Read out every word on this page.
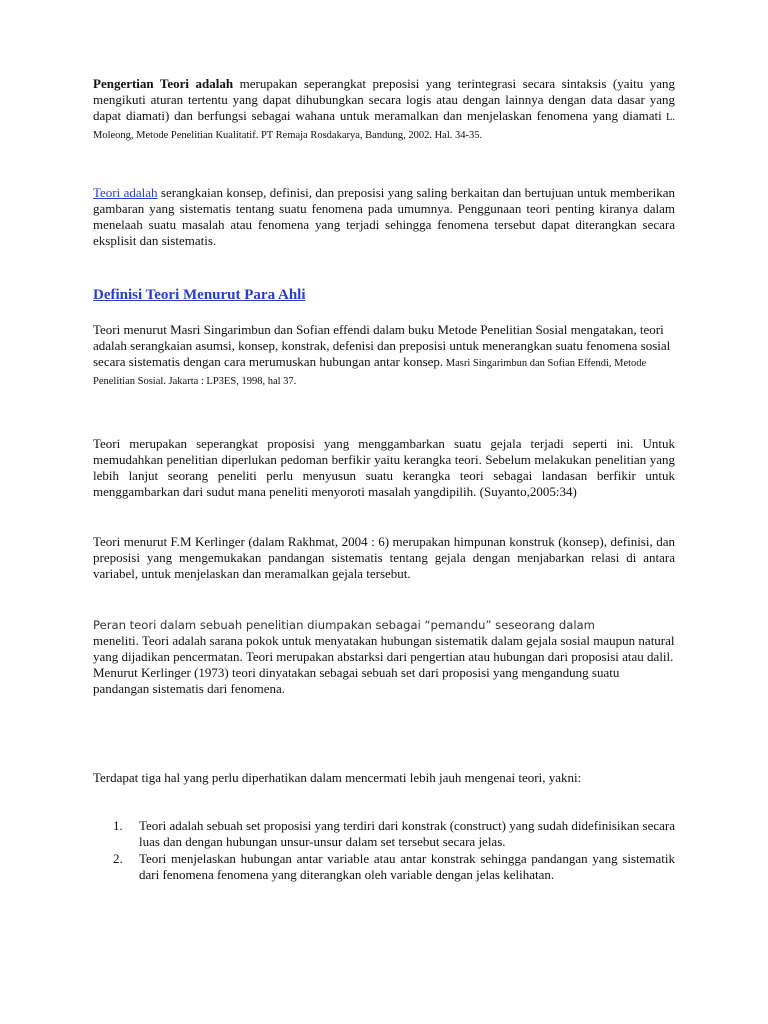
Pengertian Teori adalah merupakan seperangkat preposisi yang terintegrasi secara sintaksis (yaitu yang mengikuti aturan tertentu yang dapat dihubungkan secara logis atau dengan lainnya dengan data dasar yang dapat diamati) dan berfungsi sebagai wahana untuk meramalkan dan menjelaskan fenomena yang diamati L. Moleong, Metode Penelitian Kualitatif. PT Remaja Rosdakarya, Bandung, 2002. Hal. 34-35.

Teori adalah serangkaian konsep, definisi, dan preposisi yang saling berkaitan dan bertujuan untuk memberikan gambaran yang sistematis tentang suatu fenomena pada umumnya. Penggunaan teori penting kiranya dalam menelaah suatu masalah atau fenomena yang terjadi sehingga fenomena tersebut dapat diterangkan secara eksplisit dan sistematis.

Definisi Teori Menurut Para Ahli

Teori menurut Masri Singarimbun dan Sofian effendi dalam buku Metode Penelitian Sosial mengatakan, teori adalah serangkaian asumsi, konsep, konstrak, defenisi dan preposisi untuk menerangkan suatu fenomena sosial secara sistematis dengan cara merumuskan hubungan antar konsep. Masri Singarimbun dan Sofian Effendi, Metode Penelitian Sosial. Jakarta : LP3ES, 1998, hal 37.

Teori merupakan seperangkat proposisi yang menggambarkan suatu gejala terjadi seperti ini. Untuk memudahkan penelitian diperlukan pedoman berfikir yaitu kerangka teori. Sebelum melakukan penelitian yang lebih lanjut seorang peneliti perlu menyusun suatu kerangka teori sebagai landasan berfikir untuk menggambarkan dari sudut mana peneliti menyoroti masalah yangdipilih. (Suyanto,2005:34)

Teori menurut F.M Kerlinger (dalam Rakhmat, 2004 : 6) merupakan himpunan konstruk (konsep), definisi, dan preposisi yang mengemukakan pandangan sistematis tentang gejala dengan menjabarkan relasi di antara variabel, untuk menjelaskan dan meramalkan gejala tersebut.

Peran teori dalam sebuah penelitian diumpakan sebagai “pemandu” seseorang dalam
meneliti. Teori adalah sarana pokok untuk menyatakan hubungan sistematik dalam gejala sosial maupun natural yang dijadikan pencermatan. Teori merupakan abstarksi dari pengertian atau hubungan dari proposisi atau dalil. Menurut Kerlinger (1973) teori dinyatakan sebagai sebuah set dari proposisi yang mengandung suatu pandangan sistematis dari fenomena.

Terdapat tiga hal yang perlu diperhatikan dalam mencermati lebih jauh mengenai teori, yakni:

1. Teori adalah sebuah set proposisi yang terdiri dari konstrak (construct) yang sudah didefinisikan secara luas dan dengan hubungan unsur-unsur dalam set tersebut secara jelas.
2. Teori menjelaskan hubungan antar variable atau antar konstrak sehingga pandangan yang sistematik dari fenomena fenomena yang diterangkan oleh variable dengan jelas kelihatan.
